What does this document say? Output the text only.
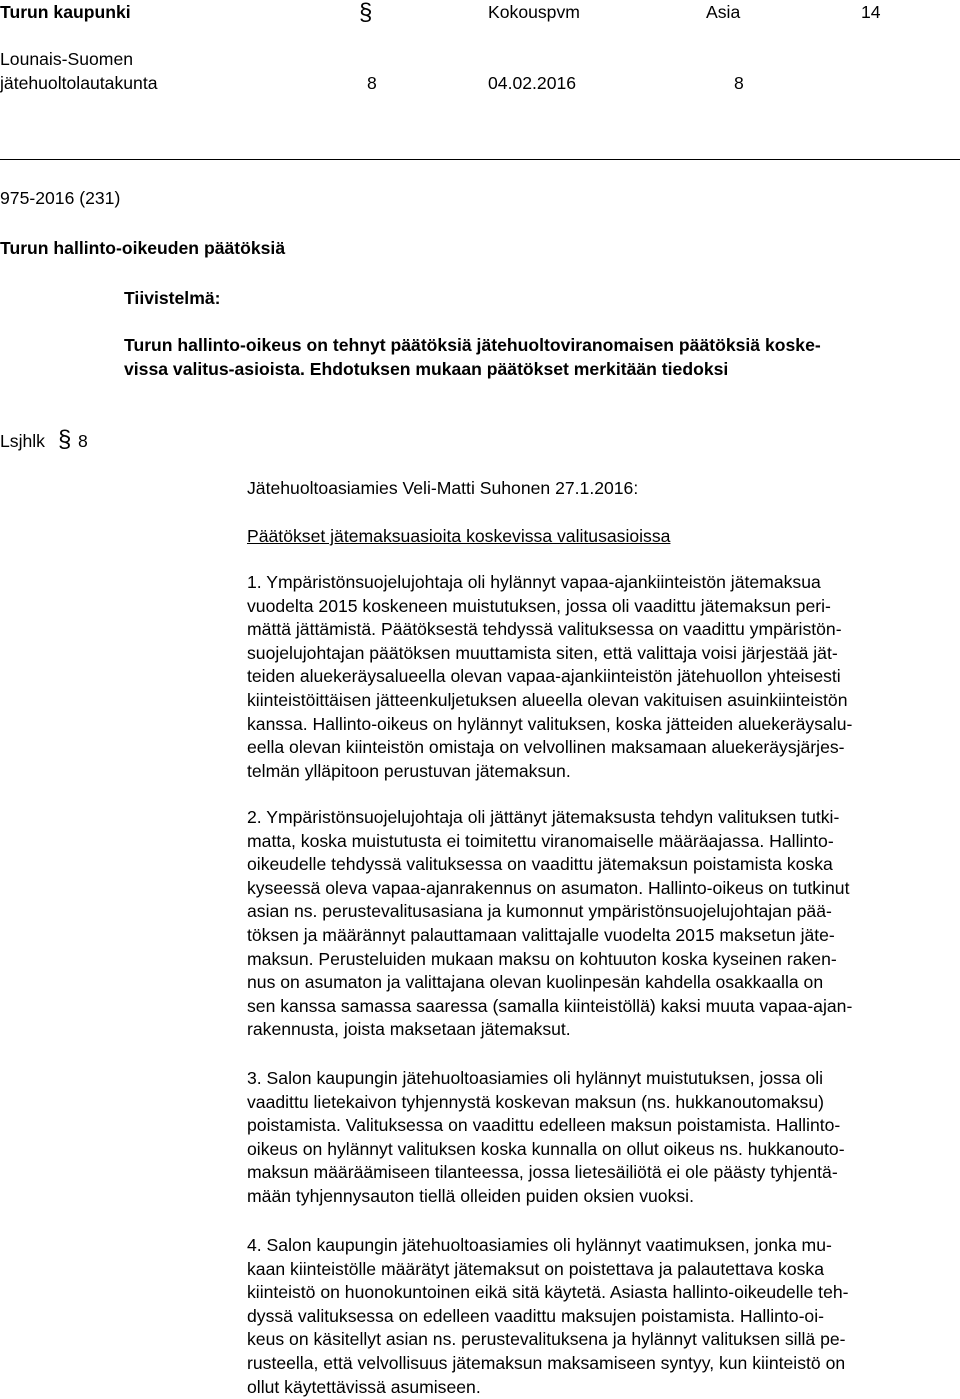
Turun kaupunki	§	Kokouspvm	Asia	14
Lounais-Suomen
jätehuoltolautakunta	8	04.02.2016	8
975-2016 (231)
Turun hallinto-oikeuden päätöksiä
Tiivistelmä:
Turun hallinto-oikeus on tehnyt päätöksiä jätehuoltoviranomaisen päätöksiä koske-
vissa valitus-asioista. Ehdotuksen mukaan päätökset merkitään tiedoksi
Lsjhlk § 8
Jätehuoltoasiamies Veli-Matti Suhonen 27.1.2016:
Päätökset jätemaksuasioita koskevissa valitusasioissa
1. Ympäristönsuojelujohtaja oli hylännyt vapaa-ajankiinteistön jätemaksua
vuodelta 2015 koskeneen muistutuksen, jossa oli vaadittu jätemaksun peri-
mättä jättämistä. Päätöksestä tehdyssä valituksessa on vaadittu ympäristön-
suojelujohtajan päätöksen muuttamista siten, että valittaja voisi järjestää jät-
teiden aluekeräysalueella olevan vapaa-ajankiinteistön jätehuollon yhteisesti
kiinteistöittäisen jätteenkuljetuksen alueella olevan vakituisen asuinkiinteistön
kanssa. Hallinto-oikeus on hylännyt valituksen, koska jätteiden aluekeräysalu-
eella olevan kiinteistön omistaja on velvollinen maksamaan aluekeräysjärjes-
telmän ylläpitoon perustuvan jätemaksun.
2. Ympäristönsuojelujohtaja oli jättänyt jätemaksusta tehdyn valituksen tutki-
matta, koska muistutusta ei toimitettu viranomaiselle määräajassa. Hallinto-
oikeudelle tehdyssä valituksessa on vaadittu jätemaksun poistamista koska
kyseessä oleva vapaa-ajanrakennus on asumaton. Hallinto-oikeus on tutkinut
asian ns. perustevalitusasiana ja kumonnut ympäristönsuojelujohtajan pää-
töksen ja määrännyt palauttamaan valittajalle vuodelta 2015 maksetun jäte-
maksun. Perusteluiden mukaan maksu on kohtuuton koska kyseinen raken-
nus on asumaton ja valittajana olevan kuolinpesän kahdella osakkaalla on
sen kanssa samassa saaressa (samalla kiinteistöllä) kaksi muuta vapaa-ajan-
rakennusta, joista maksetaan jätemaksut.
3. Salon kaupungin jätehuoltoasiamies oli hylännyt muistutuksen, jossa oli
vaadittu lietekaivon tyhjennystä koskevan maksun (ns. hukkanoutomaksu)
poistamista. Valituksessa on vaadittu edelleen maksun poistamista. Hallinto-
oikeus on hylännyt valituksen koska kunnalla on ollut oikeus ns. hukkanouto-
maksun määräämiseen tilanteessa, jossa lietesäiliötä ei ole päästy tyhjentä-
mään tyhjennysauton tiellä olleiden puiden oksien vuoksi.
4. Salon kaupungin jätehuoltoasiamies oli hylännyt vaatimuksen, jonka mu-
kaan kiinteistölle määrätyt jätemaksut on poistettava ja palautettava koska
kiinteistö on huonokuntoinen eikä sitä käytetä. Asiasta hallinto-oikeudelle teh-
dyssä valituksessa on edelleen vaadittu maksujen poistamista. Hallinto-oi-
keus on käsitellyt asian ns. perustevalituksena ja hylännyt valituksen sillä pe-
rusteella, että velvollisuus jätemaksun maksamiseen syntyy, kun kiinteistö on
ollut käytettävissä asumiseen.
